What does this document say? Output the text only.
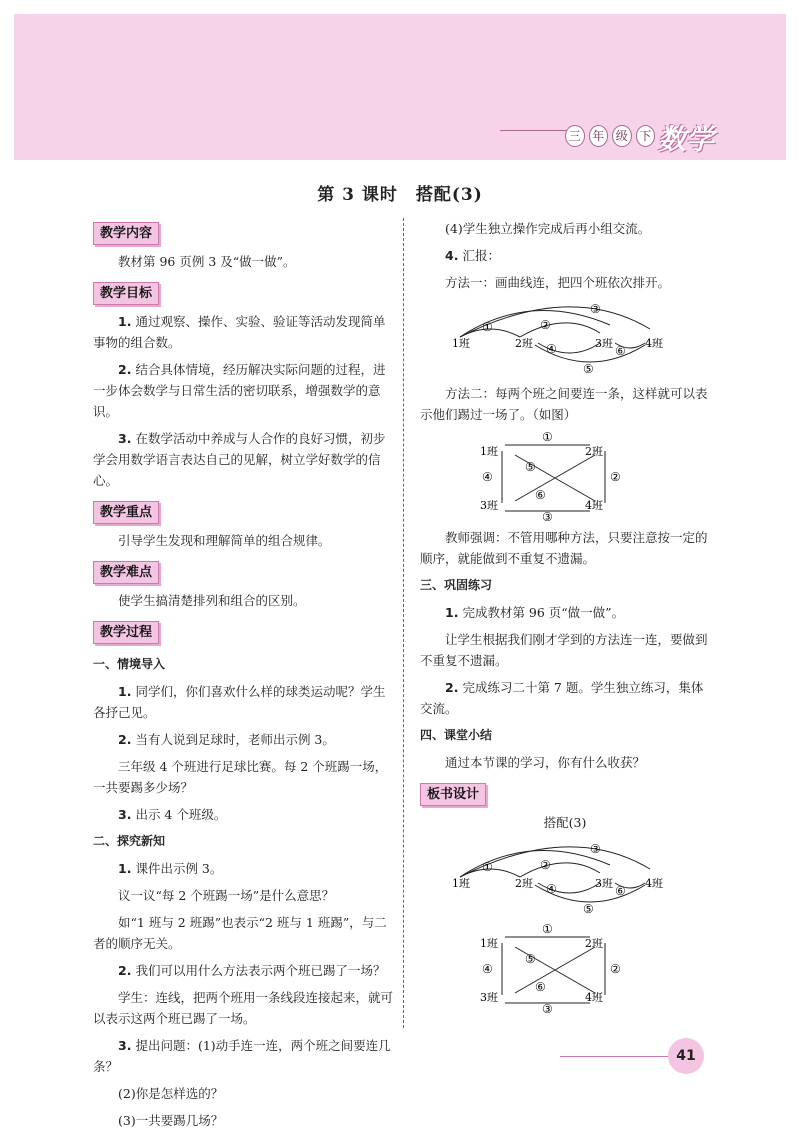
三 年 级 下 数学
第 3 课时　搭配(3)
教学内容

教材第 96 页例 3 及“做一做”。

教学目标

1. 通过观察、操作、实验、验证等活动发现简单事物的组合数。

2. 结合具体情境，经历解决实际问题的过程，进一步体会数学与日常生活的密切联系，增强数学的意识。

3. 在数学活动中养成与人合作的良好习惯，初步学会用数学语言表达自己的见解，树立学好数学的信心。

教学重点

引导学生发现和理解简单的组合规律。

教学难点

使学生搞清楚排列和组合的区别。

教学过程

一、情境导入

1. 同学们，你们喜欢什么样的球类运动呢？学生各抒己见。

2. 当有人说到足球时，老师出示例 3。

三年级 4 个班进行足球比赛。每 2 个班踢一场，一共要踢多少场？

3. 出示 4 个班级。

二、探究新知

1. 课件出示例 3。

议一议“每 2 个班踢一场”是什么意思？

如“1 班与 2 班踢”也表示“2 班与 1 班踢”，与二者的顺序无关。

2. 我们可以用什么方法表示两个班已踢了一场？

学生：连线，把两个班用一条线段连接起来，就可以表示这两个班已踢了一场。

3. 提出问题：(1)动手连一连，两个班之间要连几条？

(2)你是怎样选的？

(3)一共要踢几场？

(4)学生独立操作完成后再小组交流。

4. 汇报：

方法一：画曲线连，把四个班依次排开。

1班	2班	3班	4班
①	②
③
④
⑤
⑥

方法二：每两个班之间要连一条，这样就可以表示他们踢过一场了。（如图）

1班	2班
3班	4班
①
②
③
④
⑤
⑥

教师强调：不管用哪种方法，只要注意按一定的顺序，就能做到不重复不遗漏。

三、巩固练习

1. 完成教材第 96 页“做一做”。

让学生根据我们刚才学到的方法连一连，要做到不重复不遗漏。

2. 完成练习二十第 7 题。学生独立练习，集体交流。

四、课堂小结

通过本节课的学习，你有什么收获？

板书设计

搭配(3)

1班	2班	3班	4班
①	②
③
④
⑤
⑥

1班	2班
3班	4班
①
②
③
④
⑤
⑥
41
